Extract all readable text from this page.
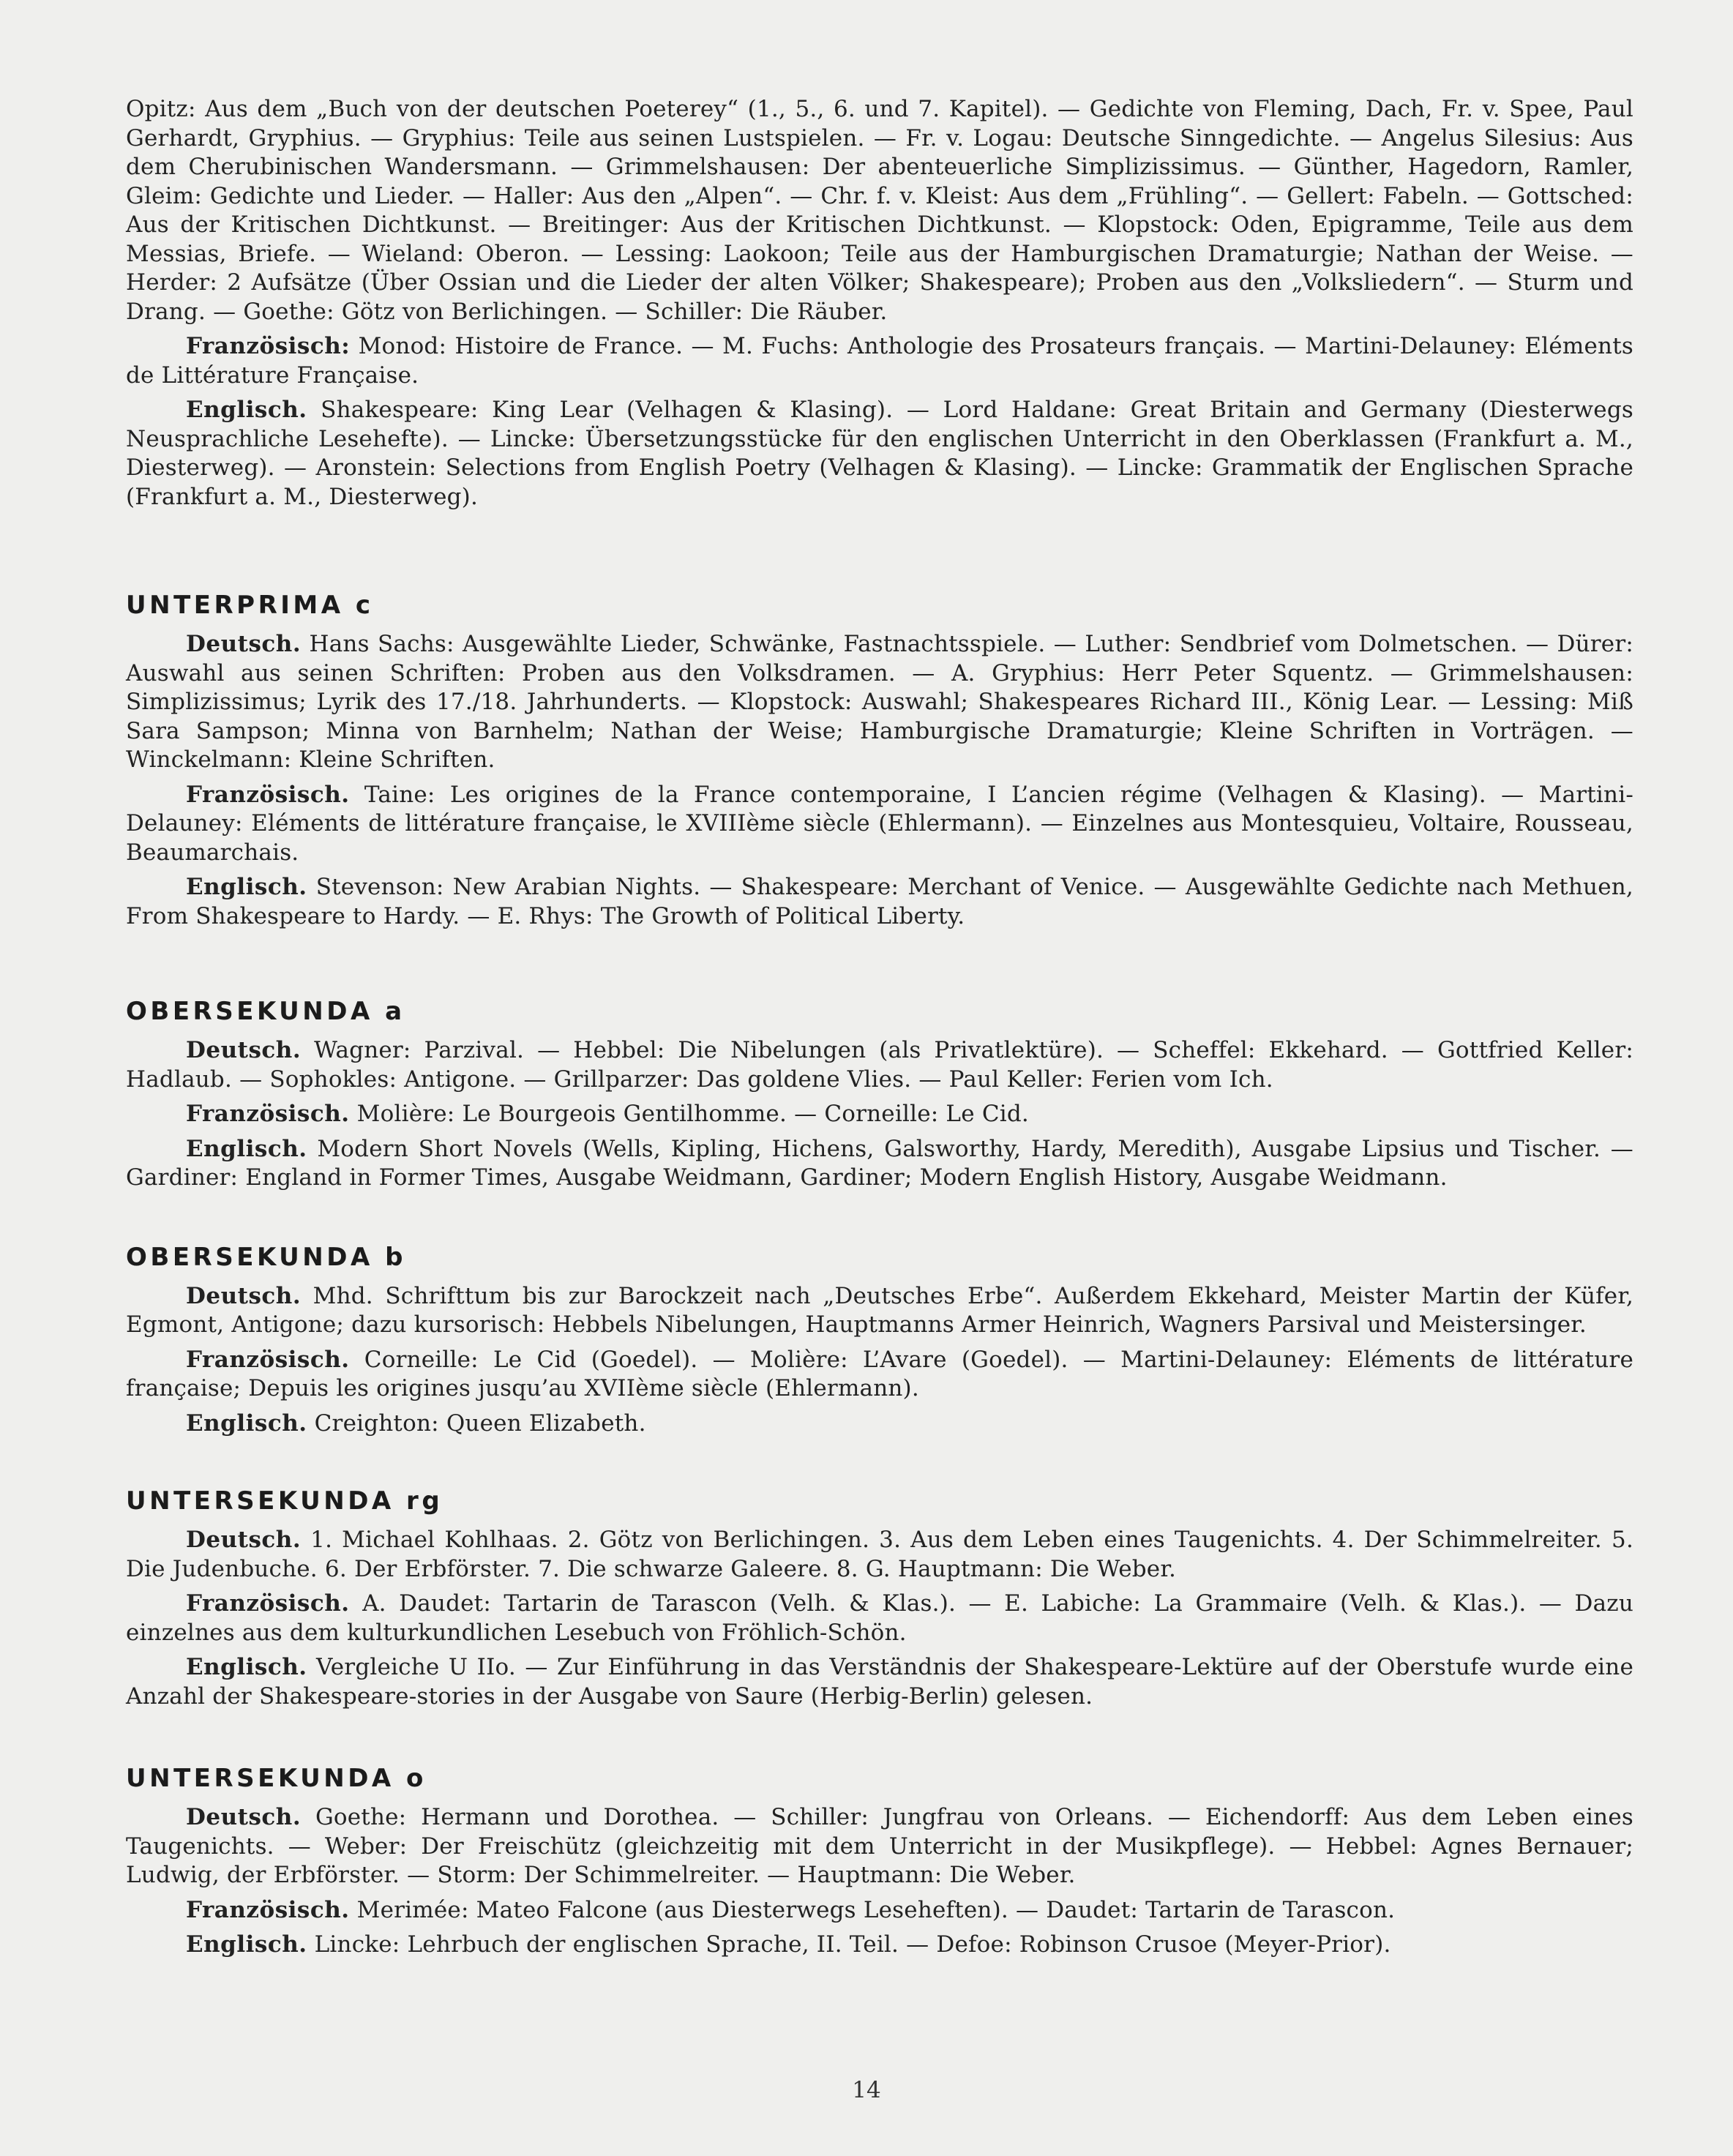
Opitz: Aus dem „Buch von der deutschen Poeterey“ (1., 5., 6. und 7. Kapitel). — Gedichte von Fleming, Dach, Fr. v. Spee, Paul Gerhardt, Gryphius. — Gryphius: Teile aus seinen Lustspielen. — Fr. v. Logau: Deutsche Sinngedichte. — Angelus Silesius: Aus dem Cherubinischen Wandersmann. — Grimmelshausen: Der abenteuerliche Simplizissimus. — Günther, Hagedorn, Ramler, Gleim: Gedichte und Lieder. — Haller: Aus den „Alpen“. — Chr. f. v. Kleist: Aus dem „Frühling“. — Gellert: Fabeln. — Gottsched: Aus der Kritischen Dichtkunst. — Breitinger: Aus der Kritischen Dichtkunst. — Klopstock: Oden, Epigramme, Teile aus dem Messias, Briefe. — Wieland: Oberon. — Lessing: Laokoon; Teile aus der Hamburgischen Dramaturgie; Nathan der Weise. — Herder: 2 Aufsätze (Über Ossian und die Lieder der alten Völker; Shakespeare); Proben aus den „Volksliedern“. — Sturm und Drang. — Goethe: Götz von Berlichingen. — Schiller: Die Räuber.

Französisch: Monod: Histoire de France. — M. Fuchs: Anthologie des Prosateurs français. — Martini-Delauney: Eléments de Littérature Française.

Englisch. Shakespeare: King Lear (Velhagen & Klasing). — Lord Haldane: Great Britain and Germany (Diesterwegs Neusprachliche Lesehefte). — Lincke: Übersetzungsstücke für den englischen Unterricht in den Oberklassen (Frankfurt a. M., Diesterweg). — Aronstein: Selections from English Poetry (Velhagen & Klasing). — Lincke: Grammatik der Englischen Sprache (Frankfurt a. M., Diesterweg).

UNTERPRIMA c

Deutsch. Hans Sachs: Ausgewählte Lieder, Schwänke, Fastnachtsspiele. — Luther: Sendbrief vom Dolmetschen. — Dürer: Auswahl aus seinen Schriften: Proben aus den Volksdramen. — A. Gryphius: Herr Peter Squentz. — Grimmelshausen: Simplizissimus; Lyrik des 17./18. Jahrhunderts. — Klopstock: Auswahl; Shakespeares Richard III., König Lear. — Lessing: Miß Sara Sampson; Minna von Barnhelm; Nathan der Weise; Hamburgische Dramaturgie; Kleine Schriften in Vorträgen. — Winckelmann: Kleine Schriften.

Französisch. Taine: Les origines de la France contemporaine, I L’ancien régime (Velhagen & Klasing). — Martini-Delauney: Eléments de littérature française, le XVIIIème siècle (Ehlermann). — Einzelnes aus Montesquieu, Voltaire, Rousseau, Beaumarchais.

Englisch. Stevenson: New Arabian Nights. — Shakespeare: Merchant of Venice. — Ausgewählte Gedichte nach Methuen, From Shakespeare to Hardy. — E. Rhys: The Growth of Political Liberty.

OBERSEKUNDA a

Deutsch. Wagner: Parzival. — Hebbel: Die Nibelungen (als Privatlektüre). — Scheffel: Ekkehard. — Gottfried Keller: Hadlaub. — Sophokles: Antigone. — Grillparzer: Das goldene Vlies. — Paul Keller: Ferien vom Ich.

Französisch. Molière: Le Bourgeois Gentilhomme. — Corneille: Le Cid.

Englisch. Modern Short Novels (Wells, Kipling, Hichens, Galsworthy, Hardy, Meredith), Ausgabe Lipsius und Tischer. — Gardiner: England in Former Times, Ausgabe Weidmann, Gardiner; Modern English History, Ausgabe Weidmann.

OBERSEKUNDA b

Deutsch. Mhd. Schrifttum bis zur Barockzeit nach „Deutsches Erbe“. Außerdem Ekkehard, Meister Martin der Küfer, Egmont, Antigone; dazu kursorisch: Hebbels Nibelungen, Hauptmanns Armer Heinrich, Wagners Parsival und Meistersinger.

Französisch. Corneille: Le Cid (Goedel). — Molière: L’Avare (Goedel). — Martini-Delauney: Eléments de littérature française; Depuis les origines jusqu’au XVIIème siècle (Ehlermann).

Englisch. Creighton: Queen Elizabeth.

UNTERSEKUNDA rg

Deutsch. 1. Michael Kohlhaas. 2. Götz von Berlichingen. 3. Aus dem Leben eines Taugenichts. 4. Der Schimmelreiter. 5. Die Judenbuche. 6. Der Erbförster. 7. Die schwarze Galeere. 8. G. Hauptmann: Die Weber.

Französisch. A. Daudet: Tartarin de Tarascon (Velh. & Klas.). — E. Labiche: La Grammaire (Velh. & Klas.). — Dazu einzelnes aus dem kulturkundlichen Lesebuch von Fröhlich-Schön.

Englisch. Vergleiche U IIo. — Zur Einführung in das Verständnis der Shakespeare-Lektüre auf der Oberstufe wurde eine Anzahl der Shakespeare-stories in der Ausgabe von Saure (Herbig-Berlin) gelesen.

UNTERSEKUNDA o

Deutsch. Goethe: Hermann und Dorothea. — Schiller: Jungfrau von Orleans. — Eichendorff: Aus dem Leben eines Taugenichts. — Weber: Der Freischütz (gleichzeitig mit dem Unterricht in der Musikpflege). — Hebbel: Agnes Bernauer; Ludwig, der Erbförster. — Storm: Der Schimmelreiter. — Hauptmann: Die Weber.

Französisch. Merimée: Mateo Falcone (aus Diesterwegs Leseheften). — Daudet: Tartarin de Tarascon.

Englisch. Lincke: Lehrbuch der englischen Sprache, II. Teil. — Defoe: Robinson Crusoe (Meyer-Prior).

14
